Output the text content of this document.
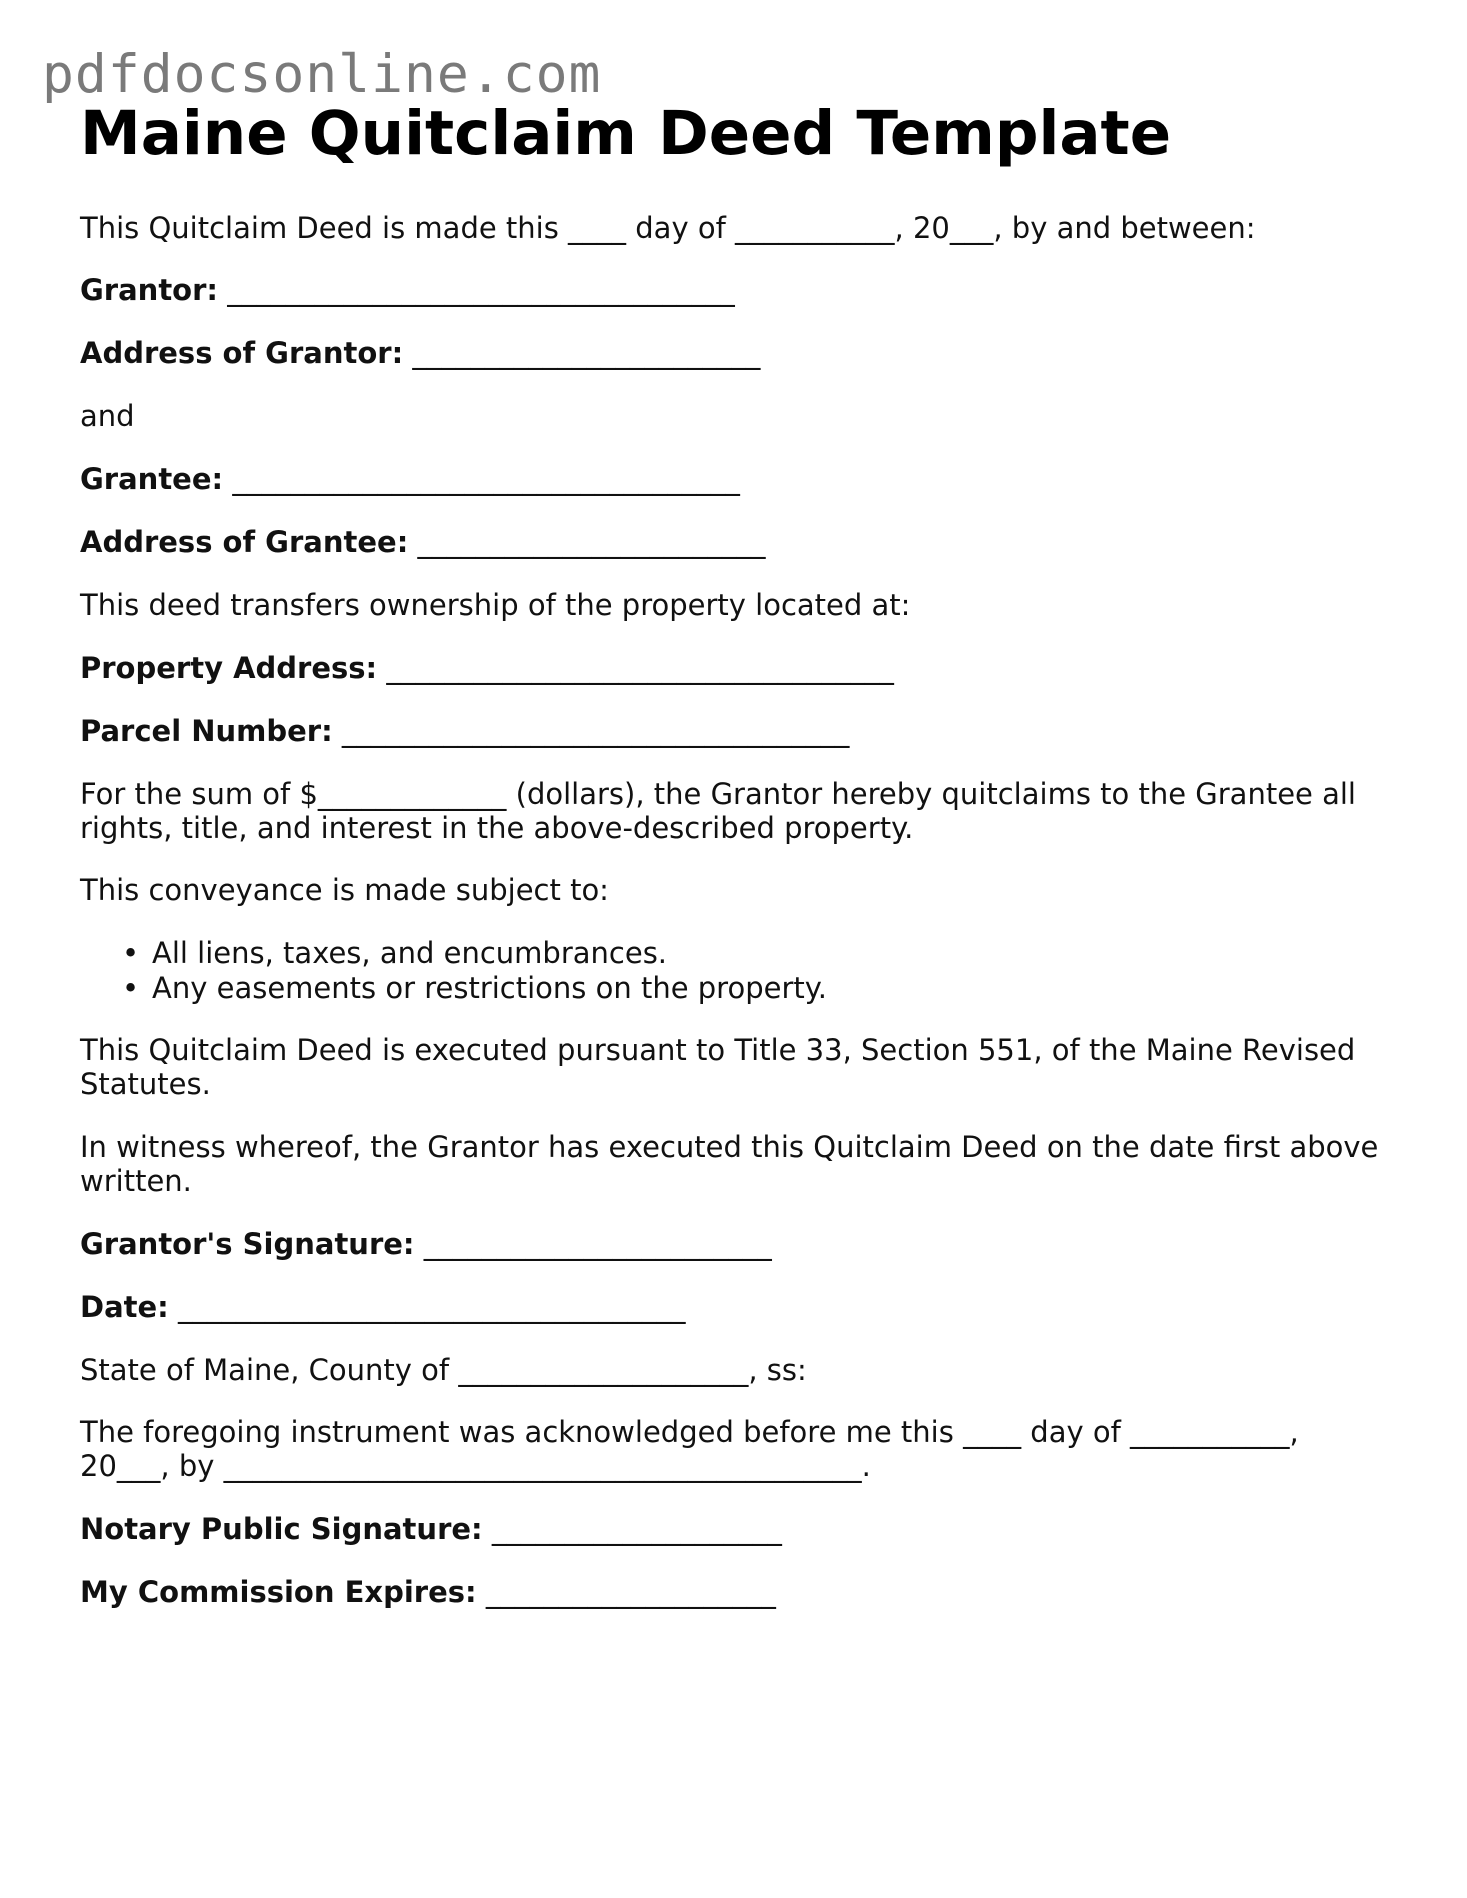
pdfdocsonline.com
Maine Quitclaim Deed Template

This Quitclaim Deed is made this ____ day of ___________, 20___, by and between:

Grantor: ___________________________________

Address of Grantor: ________________________

and

Grantee: ___________________________________

Address of Grantee: ________________________

This deed transfers ownership of the property located at:

Property Address: ___________________________________

Parcel Number: ___________________________________

For the sum of $_____________ (dollars), the Grantor hereby quitclaims to the Grantee all rights, title, and interest in the above-described property.

This conveyance is made subject to:

• All liens, taxes, and encumbrances.
• Any easements or restrictions on the property.

This Quitclaim Deed is executed pursuant to Title 33, Section 551, of the Maine Revised Statutes.

In witness whereof, the Grantor has executed this Quitclaim Deed on the date first above written.

Grantor's Signature: ________________________

Date: ___________________________________

State of Maine, County of ____________________, ss:

The foregoing instrument was acknowledged before me this ____ day of ___________, 20___, by ____________________________________________.

Notary Public Signature: ____________________

My Commission Expires: ____________________
